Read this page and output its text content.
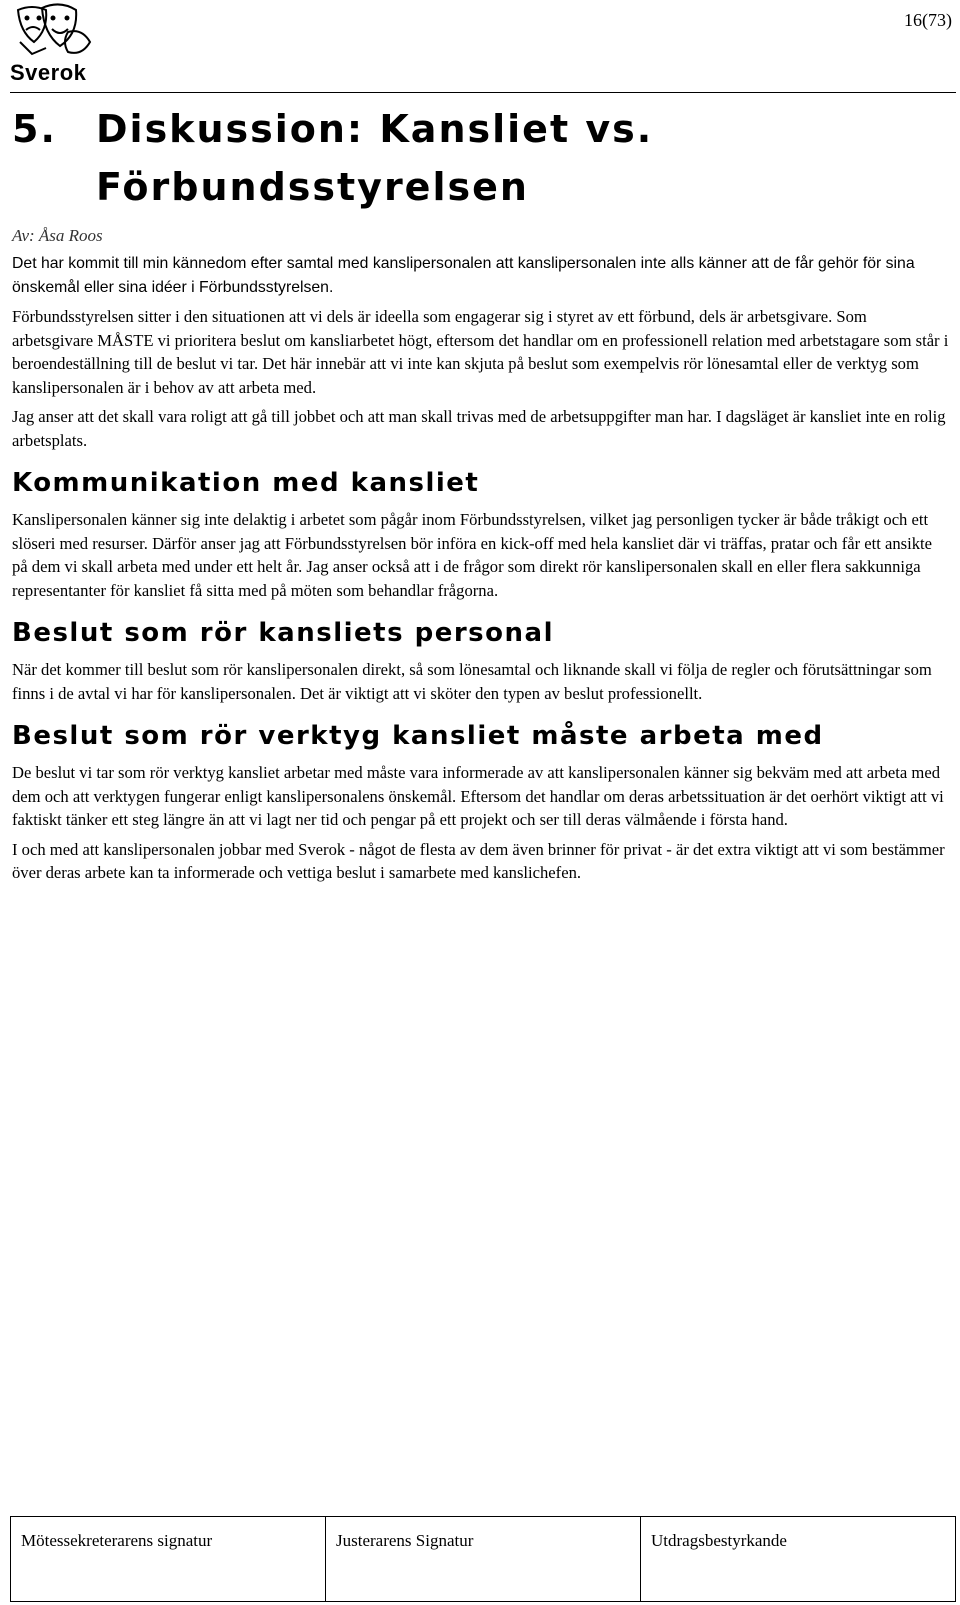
Sverok
16(73)
5. Diskussion: Kansliet vs.
Förbundsstyrelsen
Av: Åsa Roos

Det har kommit till min kännedom efter samtal med kanslipersonalen att kanslipersonalen inte alls känner att de får gehör för sina önskemål eller sina idéer i Förbundsstyrelsen.

Förbundsstyrelsen sitter i den situationen att vi dels är ideella som engagerar sig i styret av ett förbund, dels är arbetsgivare. Som arbetsgivare MÅSTE vi prioritera beslut om kansliarbetet högt, eftersom det handlar om en professionell relation med arbetstagare som står i beroendeställning till de beslut vi tar. Det här innebär att vi inte kan skjuta på beslut som exempelvis rör lönesamtal eller de verktyg som kanslipersonalen är i behov av att arbeta med.

Jag anser att det skall vara roligt att gå till jobbet och att man skall trivas med de arbetsuppgifter man har. I dagsläget är kansliet inte en rolig arbetsplats.

Kommunikation med kansliet

Kanslipersonalen känner sig inte delaktig i arbetet som pågår inom Förbundsstyrelsen, vilket jag personligen tycker är både tråkigt och ett slöseri med resurser. Därför anser jag att Förbundsstyrelsen bör införa en kick-off med hela kansliet där vi träffas, pratar och får ett ansikte på dem vi skall arbeta med under ett helt år. Jag anser också att i de frågor som direkt rör kanslipersonalen skall en eller flera sakkunniga representanter för kansliet få sitta med på möten som behandlar frågorna.

Beslut som rör kansliets personal

När det kommer till beslut som rör kanslipersonalen direkt, så som lönesamtal och liknande skall vi följa de regler och förutsättningar som finns i de avtal vi har för kanslipersonalen. Det är viktigt att vi sköter den typen av beslut professionellt.

Beslut som rör verktyg kansliet måste arbeta med

De beslut vi tar som rör verktyg kansliet arbetar med måste vara informerade av att kanslipersonalen känner sig bekväm med att arbeta med dem och att verktygen fungerar enligt kanslipersonalens önskemål. Eftersom det handlar om deras arbetssituation är det oerhört viktigt att vi faktiskt tänker ett steg längre än att vi lagt ner tid och pengar på ett projekt och ser till deras välmående i första hand.

I och med att kanslipersonalen jobbar med Sverok - något de flesta av dem även brinner för privat - är det extra viktigt att vi som bestämmer över deras arbete kan ta informerade och vettiga beslut i samarbete med kanslichefen.

Mötessekreterarens signatur	Justerarens Signatur	Utdragsbestyrkande
